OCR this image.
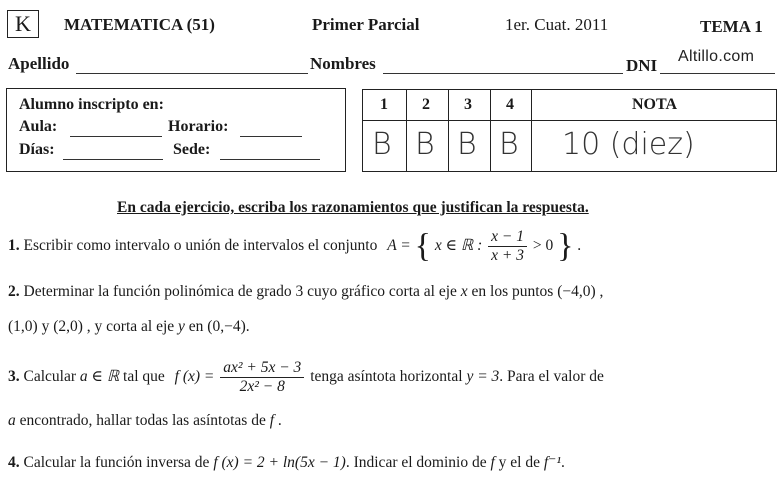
K	MATEMATICA (51)	Primer Parcial	1er. Cuat. 2011	TEMA 1
Apellido	Nombres	DNI Altillo.com
Alumno inscripto en:
Aula:	Horario:
Días:	Sede:
1 2 3 4	NOTA
B B B B 10 (diez)
En cada ejercicio, escriba los razonamientos que justifican la respuesta.
1. Escribir como intervalo o unión de intervalos el conjunto A = { x ∈ ℝ : $\frac{x - 1}{x + 3} > 0$ } .
2. Determinar la función polinómica de grado 3 cuyo gráfico corta al eje x en los puntos (−4,0) ,
(1,0) y (2,0) , y corta al eje y en (0,−4).
3. Calcular a ∈ ℝ tal que f $(x) = \frac{\text{ax² + 5x − 3}}{\text{2x² − 8}}$ tenga asíntota horizontal y = 3. Para el valor de
a encontrado, hallar todas las asíntotas de f .
4. Calcular la función inversa de f (x) = 2 + ln(5x − 1). Indicar el dominio de f y el de f⁻¹.
